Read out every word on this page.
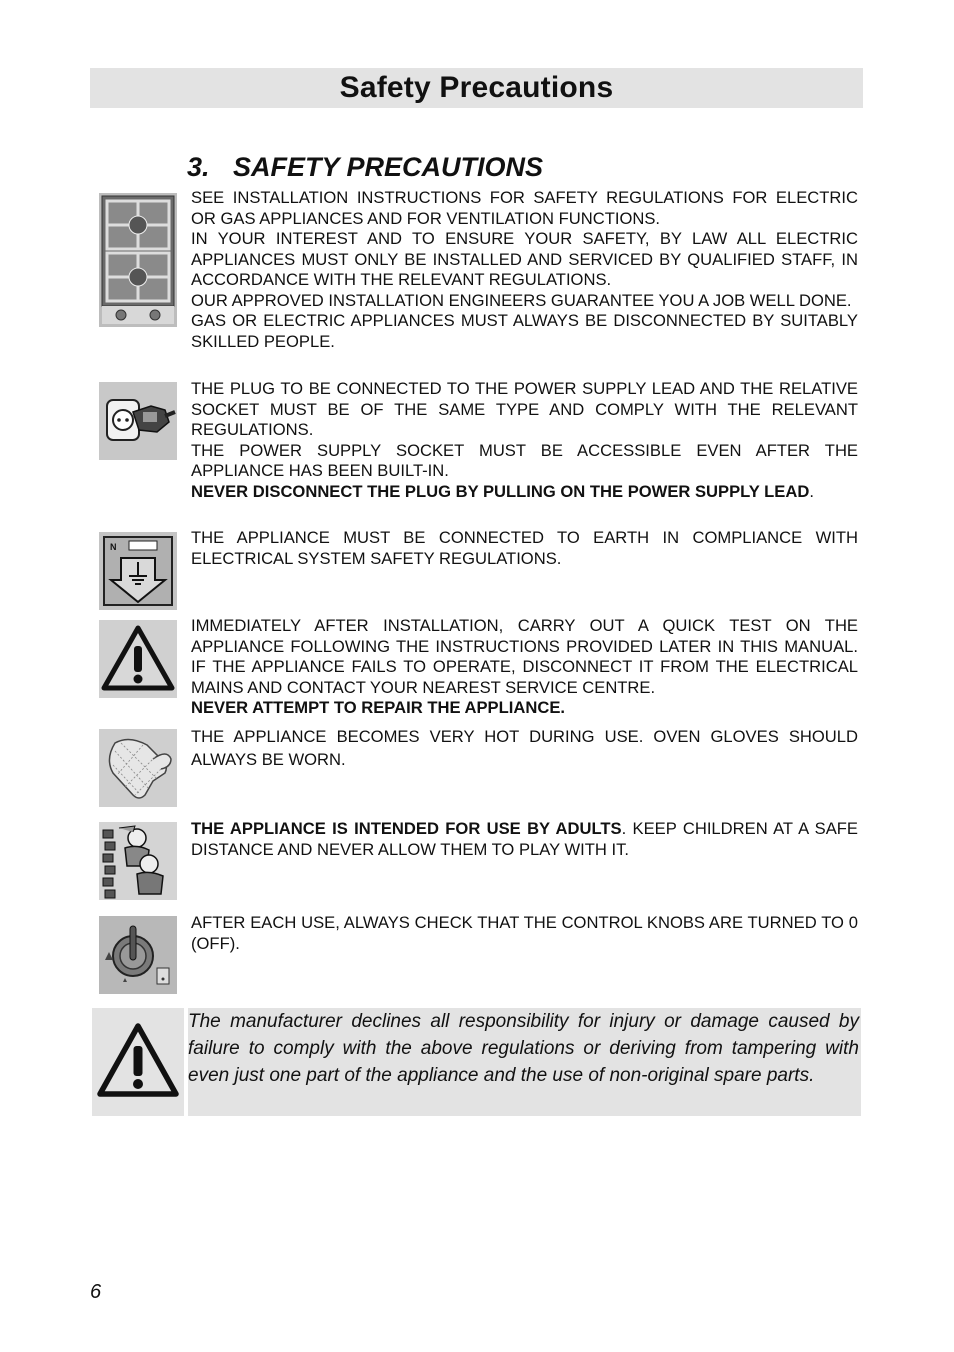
Safety Precautions
3. SAFETY PRECAUTIONS

SEE INSTALLATION INSTRUCTIONS FOR SAFETY REGULATIONS FOR ELECTRIC OR GAS APPLIANCES AND FOR VENTILATION FUNCTIONS.

IN YOUR INTEREST AND TO ENSURE YOUR SAFETY, BY LAW ALL ELECTRIC APPLIANCES MUST ONLY BE INSTALLED AND SERVICED BY QUALIFIED STAFF, IN ACCORDANCE WITH THE RELEVANT REGULATIONS.

OUR APPROVED INSTALLATION ENGINEERS GUARANTEE YOU A JOB WELL DONE.

GAS OR ELECTRIC APPLIANCES MUST ALWAYS BE DISCONNECTED BY SUITABLY SKILLED PEOPLE.

THE PLUG TO BE CONNECTED TO THE POWER SUPPLY LEAD AND THE RELATIVE SOCKET MUST BE OF THE SAME TYPE AND COMPLY WITH THE RELEVANT REGULATIONS.

THE POWER SUPPLY SOCKET MUST BE ACCESSIBLE EVEN AFTER THE APPLIANCE HAS BEEN BUILT-IN.

NEVER DISCONNECT THE PLUG BY PULLING ON THE POWER SUPPLY LEAD.

N	THE APPLIANCE MUST BE CONNECTED TO EARTH IN COMPLIANCE WITH ELECTRICAL SYSTEM SAFETY REGULATIONS.

IMMEDIATELY AFTER INSTALLATION, CARRY OUT A QUICK TEST ON THE APPLIANCE FOLLOWING THE INSTRUCTIONS PROVIDED LATER IN THIS MANUAL. IF THE APPLIANCE FAILS TO OPERATE, DISCONNECT IT FROM THE ELECTRICAL MAINS AND CONTACT YOUR NEAREST SERVICE CENTRE.

NEVER ATTEMPT TO REPAIR THE APPLIANCE.

THE APPLIANCE BECOMES VERY HOT DURING USE. OVEN GLOVES SHOULD ALWAYS BE WORN.

THE APPLIANCE IS INTENDED FOR USE BY ADULTS. KEEP CHILDREN AT A SAFE DISTANCE AND NEVER ALLOW THEM TO PLAY WITH IT.

AFTER EACH USE, ALWAYS CHECK THAT THE CONTROL KNOBS ARE TURNED TO 0 (OFF).

The manufacturer declines all responsibility for injury or damage caused by failure to comply with the above regulations or deriving from tampering with even just one part of the appliance and the use of non-original spare parts.
6
